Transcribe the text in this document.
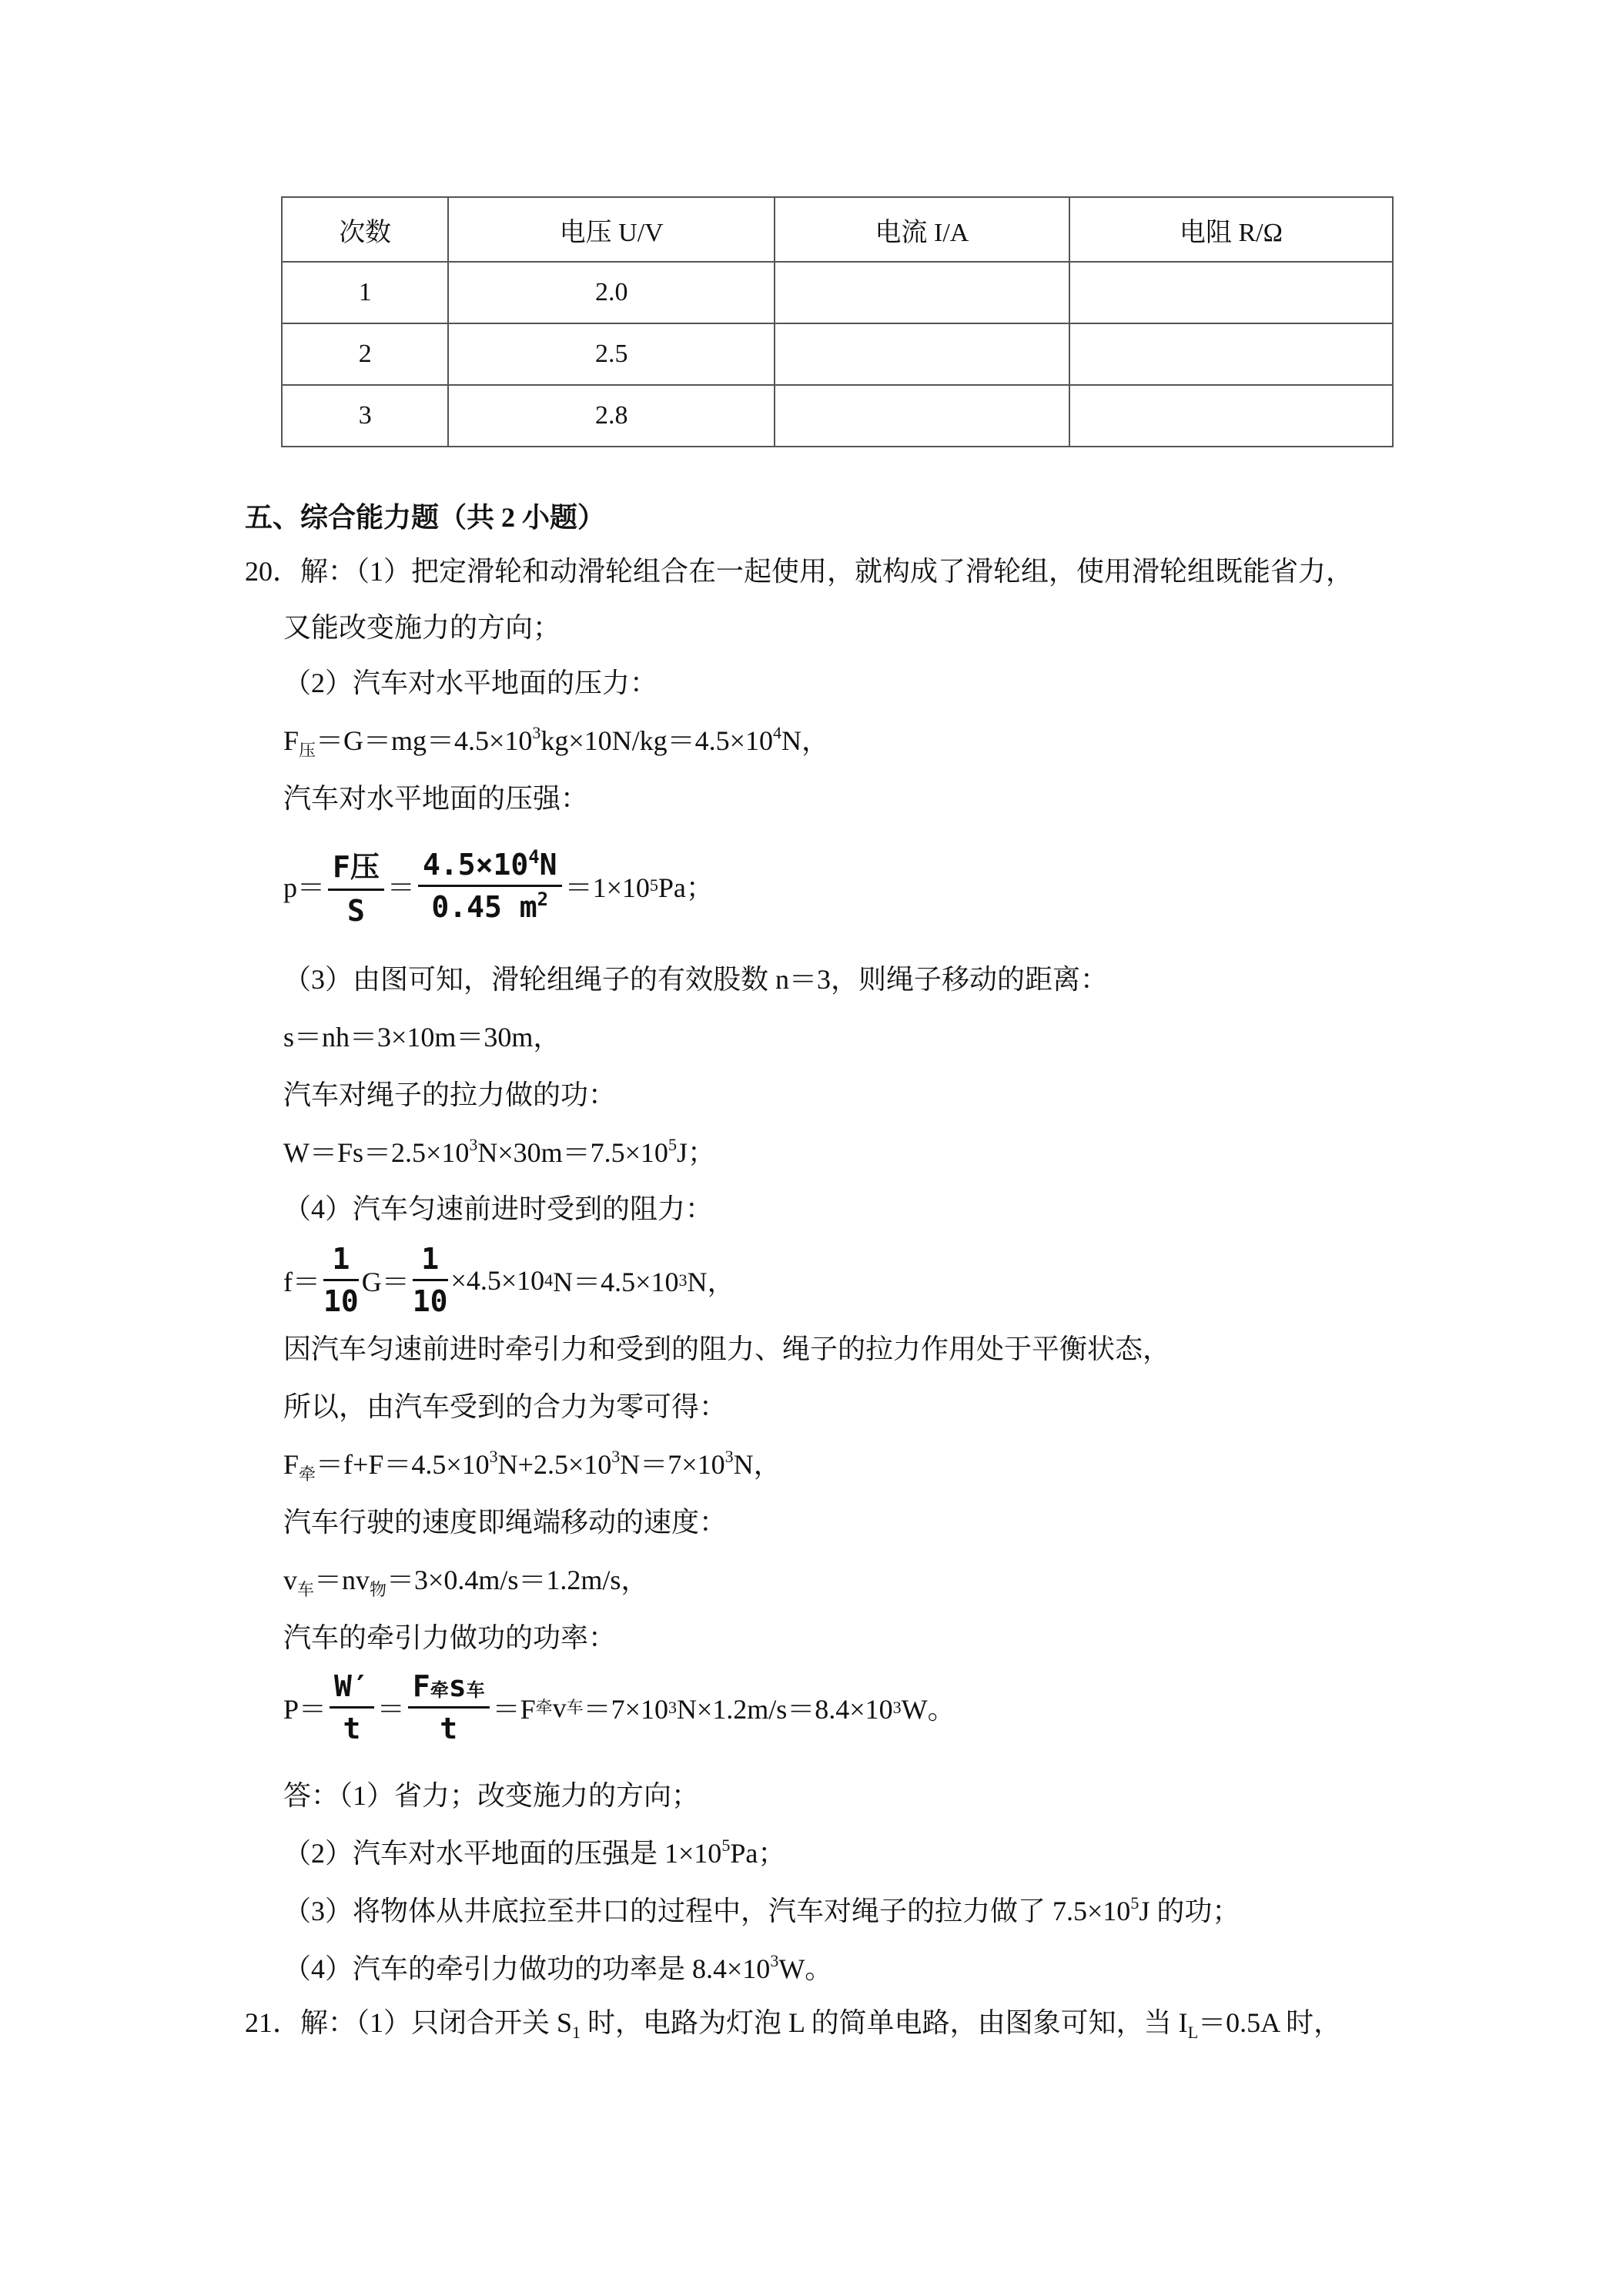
次数	电压 U/V	电流 I/A	电阻 R/Ω
1	2.0		
2	2.5		
3	2.8		
五、综合能力题（共 2 小题）
20．解：（1）把定滑轮和动滑轮组合在一起使用，就构成了滑轮组，使用滑轮组既能省力，
又能改变施力的方向；
（2）汽车对水平地面的压力：
$F_压=G=mg=4.5\times 10^3kg\times 10N/kg=4.5\times 10^4N$，
汽车对水平地面的压强：
$p= \frac{\text{F压}}{S} = \frac{4.5\times 10^4N}{0.45 m^2} =1\times 10$ 5 Pa；
（3）由图可知，滑轮组绳子的有效股数 n＝3，则绳子移动的距离：
s＝nh＝3×10m＝30m，
汽车对绳子的拉力做的功：
$W=Fs=2.5\times 10^3N\times 30m=7.5\times 10^5J$；
（4）汽车匀速前进时受到的阻力：
$f= \frac{1}{10} G= \frac{1}{10} \times 4.5\times 10$ 4 N＝4.5×10 3 N，
因汽车匀速前进时牵引力和受到的阻力、绳子的拉力作用处于平衡状态，
所以，由汽车受到的合力为零可得：
$F_牵=f+F=4.5\times 10^3N+2.5\times 10^3N=7\times 10^3N$，
汽车行驶的速度即绳端移动的速度：
$v_车=nv_物=3\times 0.4m/s=1.2m/s$，
汽车的牵引力做功的功率：
$P= \frac{W'}{t} = \frac{\text{F牵s车}}{t} =F$ 牵 v 车 ＝7×10 3 N×1.2m/s＝8.4×10 3 W。
答：（1）省力；改变施力的方向；
（2）汽车对水平地面的压强是 $1\times 10^5Pa$；
（3）将物体从井底拉至井口的过程中，汽车对绳子的拉力做了 $7.5\times 10^5J$ 的功；
（4）汽车的牵引力做功的功率是 $8.4\times 10^3W$。
21．解：（1）只闭合开关 $S_1$ 时，电路为灯泡 L 的简单电路，由图象可知，当 $I_L=0.5A$ 时，
